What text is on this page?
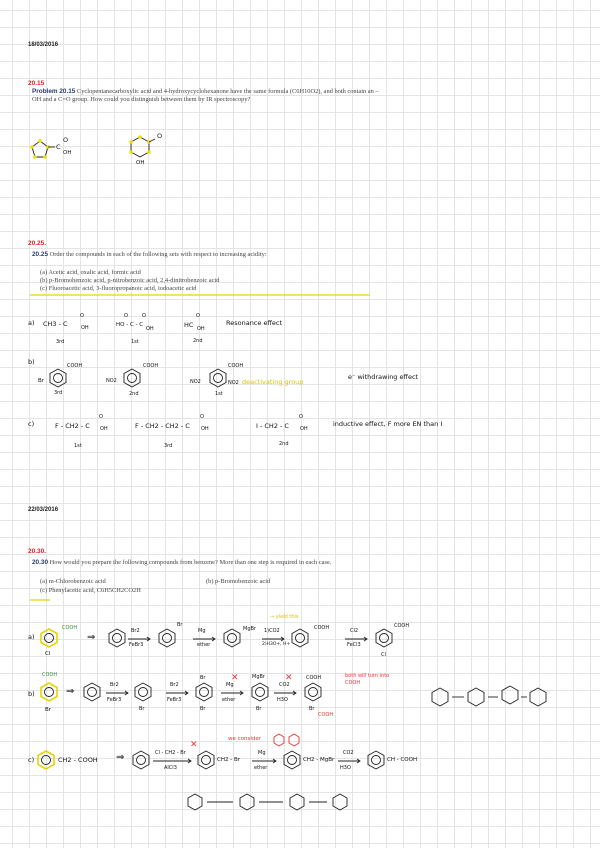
18/03/2016
20.15
Problem 20.15 Cyclopentanecarboxylic acid and 4-hydroxycyclohexanone have the same formula (C6H10O2), and both contain an –OH and a C=O group. How could you distinguish between them by IR spectroscopy?
C
O
OH
O
OH
20.25.
20.25 Order the compounds in each of the following sets with respect to increasing acidity:
(a) Acetic acid, oxalic acid, formic acid
(b) p-Bromobenzoic acid, p-nitrobenzoic acid, 2,4-dinitrobenzoic acid
(c) Fluoroacetic acid, 3-fluoropropanoic acid, iodoacetic acid
a) CH3 - C
O
OH
3rd
HO - C - C
O	O
OH
1st
HC
O
OH
2nd
Resonance effect
b)	COOH
Br
3rd
COOH
NO2
2nd
COOH
NO2	NO2
1st
deactivating group
e⁻ withdrawing effect
c)	F - CH2 - C
O
OH
1st
F - CH2 - CH2 - C
O
OH
3rd
I - CH2 - C
O
OH
2nd
inductive effect, F more EN than I
22/03/2016
20.30.
20.30 How would you prepare the following compounds from benzene? More than one step is required in each case.
(a) m-Chlorobenzoic acid	(b) p-Bromobenzoic acid
(c) Phenylacetic acid, C6H5CH2CO2H
a)
COOH
Cl
⇒
Br2
FeBr3
Br
Mg
ether
MgBr
→ yield this
1)CO2
2)H3O+, H+
COOH	Cl2
FeCl3
COOH
Cl
b)
COOH
Br
⇒
Br2
FeBr3
Br
Br2
FeBr3
Br
Br
Mg
ether
✕	MgBr
Br
CO2
H3O
✕	COOH
Br
COOH
both will turn into COOH
c)	CH2 - COOH ⇒	Cl - CH2 - Br
AlCl3
✕
we consider
CH2 - Br
Mg
ether
CH2 - MgBr
CO2
H3O
CH - COOH
